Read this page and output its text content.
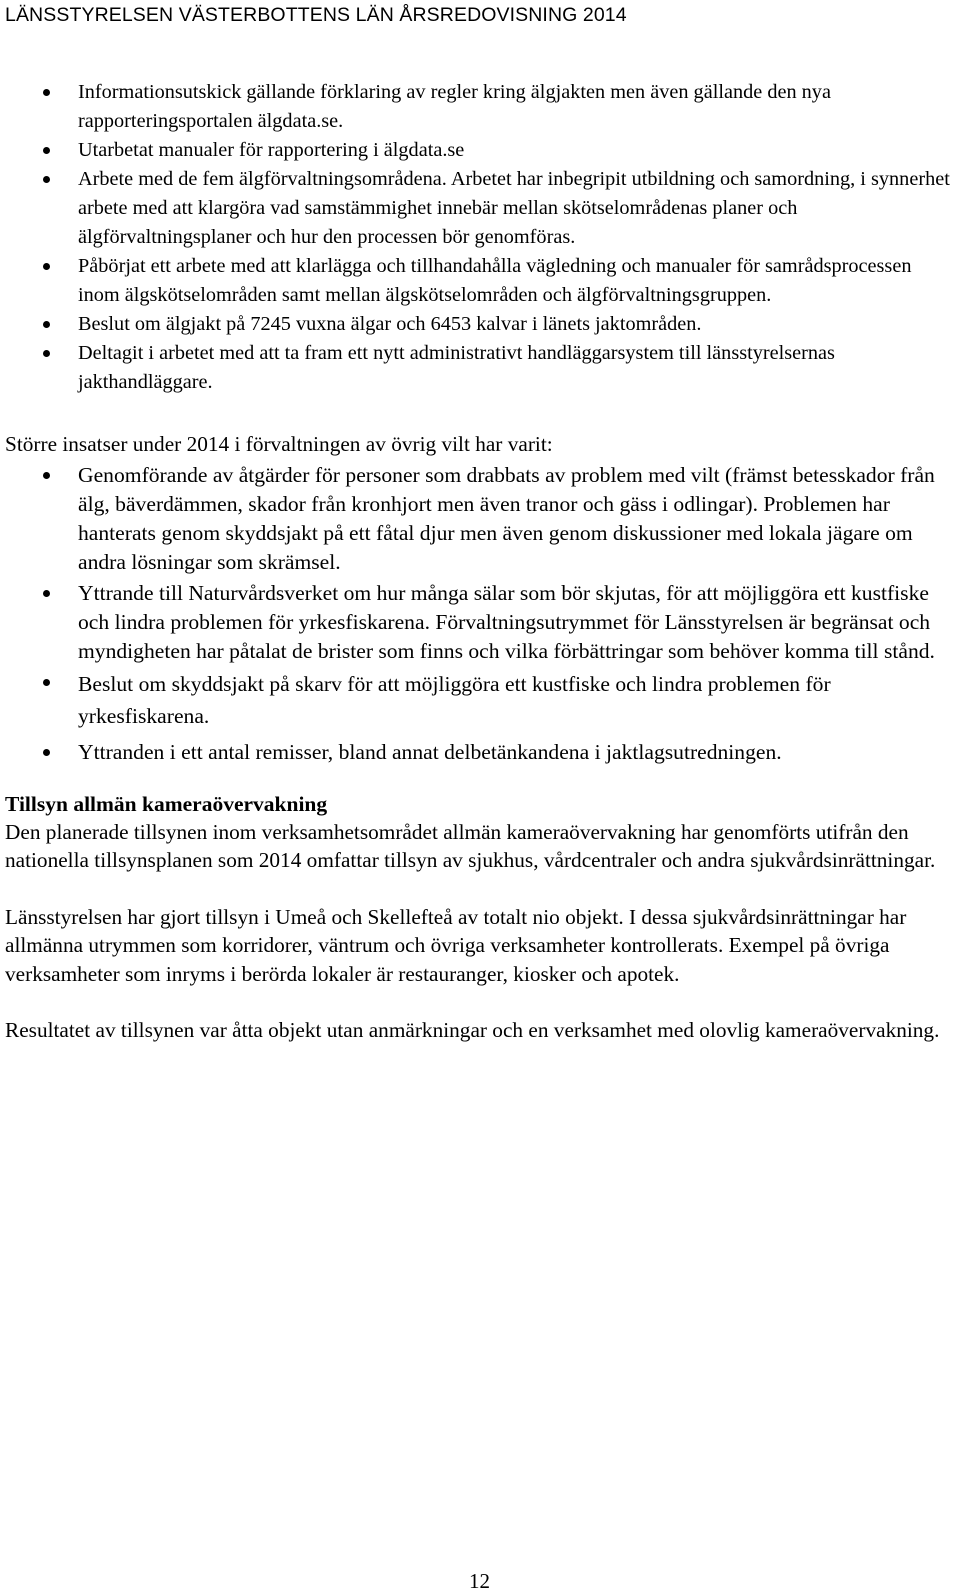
LÄNSSTYRELSEN VÄSTERBOTTENS LÄN ÅRSREDOVISNING 2014
Informationsutskick gällande förklaring av regler kring älgjakten men även gällande den nya rapporteringsportalen älgdata.se.
Utarbetat manualer för rapportering i älgdata.se
Arbete med de fem älgförvaltningsområdena. Arbetet har inbegripit utbildning och samordning, i synnerhet arbete med att klargöra vad samstämmighet innebär mellan skötselområdenas planer och älgförvaltningsplaner och hur den processen bör genomföras.
Påbörjat ett arbete med att klarlägga och tillhandahålla vägledning och manualer för samrådsprocessen inom älgskötselområden samt mellan älgskötselområden och älgförvaltningsgruppen.
Beslut om älgjakt på 7245 vuxna älgar och 6453 kalvar i länets jaktområden.
Deltagit i arbetet med att ta fram ett nytt administrativt handläggarsystem till länsstyrelsernas jakthandläggare.

Större insatser under 2014 i förvaltningen av övrig vilt har varit:

Genomförande av åtgärder för personer som drabbats av problem med vilt (främst betesskador från älg, bäverdämmen, skador från kronhjort men även tranor och gäss i odlingar). Problemen har hanterats genom skyddsjakt på ett fåtal djur men även genom diskussioner med lokala jägare om andra lösningar som skrämsel.
Yttrande till Naturvårdsverket om hur många sälar som bör skjutas, för att möjliggöra ett kustfiske och lindra problemen för yrkesfiskarena. Förvaltningsutrymmet för Länsstyrelsen är begränsat och myndigheten har påtalat de brister som finns och vilka förbättringar som behöver komma till stånd.
Beslut om skyddsjakt på skarv för att möjliggöra ett kustfiske och lindra problemen för yrkesfiskarena.
Yttranden i ett antal remisser, bland annat delbetänkandena i jaktlagsutredningen.
Tillsyn allmän kameraövervakning

Den planerade tillsynen inom verksamhetsområdet allmän kameraövervakning har genomförts utifrån den nationella tillsynsplanen som 2014 omfattar tillsyn av sjukhus, vårdcentraler och andra sjukvårdsinrättningar.

Länsstyrelsen har gjort tillsyn i Umeå och Skellefteå av totalt nio objekt. I dessa sjukvårdsinrättningar har allmänna utrymmen som korridorer, väntrum och övriga verksamheter kontrollerats. Exempel på övriga verksamheter som inryms i berörda lokaler är restauranger, kiosker och apotek.

Resultatet av tillsynen var åtta objekt utan anmärkningar och en verksamhet med olovlig kameraövervakning.

12
